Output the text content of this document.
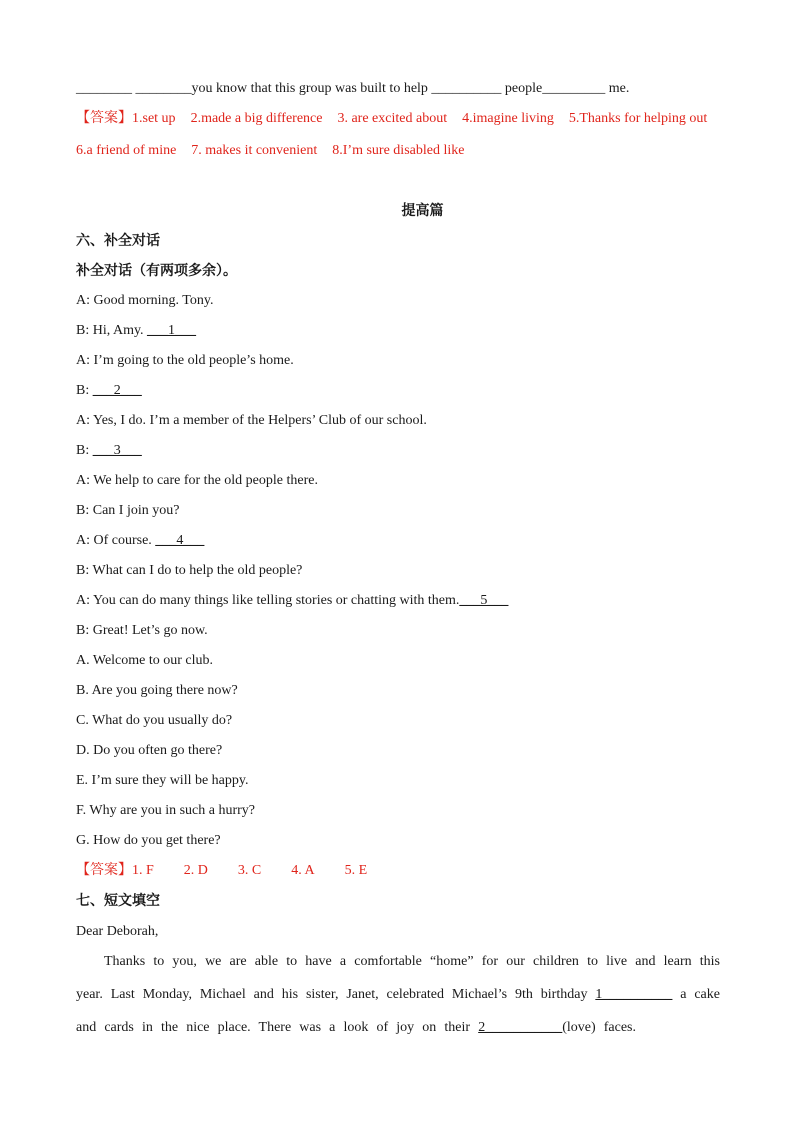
________ ________you know that this group was built to help __________ people_________ me.
【答案】1.set up 2.made a big difference 3. are excited about 4.imagine living 5.Thanks for helping out
6.a friend of mine 7. makes it convenient 8.I’m sure disabled like
提高篇
六、补全对话
补全对话（有两项多余）。
A: Good morning. Tony.
B: Hi, Amy. ___1___
A: I’m going to the old people’s home.
B: ___2___
A: Yes, I do. I’m a member of the Helpers’ Club of our school.
B: ___3___
A: We help to care for the old people there.
B: Can I join you?
A: Of course. ___4___
B: What can I do to help the old people?
A: You can do many things like telling stories or chatting with them.___5___
B: Great! Let’s go now.
A. Welcome to our club.
B. Are you going there now?
C. What do you usually do?
D. Do you often go there?
E. I’m sure they will be happy.
F. Why are you in such a hurry?
G. How do you get there?
【答案】1. F 2. D 3. C 4. A 5. E
七、短文填空
Dear Deborah,
Thanks to you, we are able to have a comfortable “home” for our children to live and learn this
year. Last Monday, Michael and his sister, Janet, celebrated Michael’s 9th birthday 1__________ a cake
and cards in the nice place. There was a look of joy on their 2___________(love) faces.
